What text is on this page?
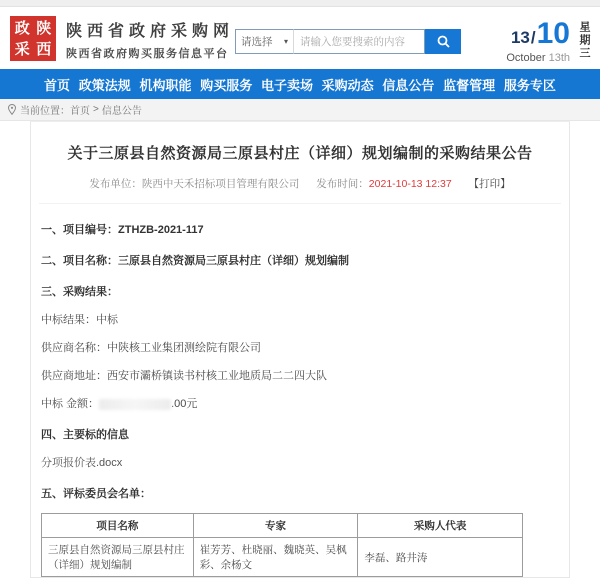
政 陕
采 西
陕西省政府采购网
陕西省政府购买服务信息平台
请选择 ▾
请输入您要搜索的内容	13 / 10
October 13th 星期三
首页 政策法规 机构职能 购买服务 电子卖场 采购动态 信息公告 监督管理 服务专区
当前位置： 首页 > 信息公告
关于三原县自然资源局三原县村庄（详细）规划编制的采购结果公告
发布单位：陕西中天禾招标项目管理有限公司 发布时间：2021-10-13 12:37 【打印】
一、项目编号：ZTHZB-2021-117
二、项目名称：三原县自然资源局三原县村庄（详细）规划编制
三、采购结果：
中标结果：中标
供应商名称：中陕核工业集团测绘院有限公司
供应商地址：西安市灞桥镇读书村核工业地质局二二四大队
中标 金额：	.00元
四、主要标的信息
分项报价表.docx
五、评标委员会名单：
项目名称	专家	采购人代表
三原县自然资源局三原县村庄（详细）规划编制	崔芳芳、杜晓丽、魏晓英、吴枫彩、余杨文	李磊、路井涛
